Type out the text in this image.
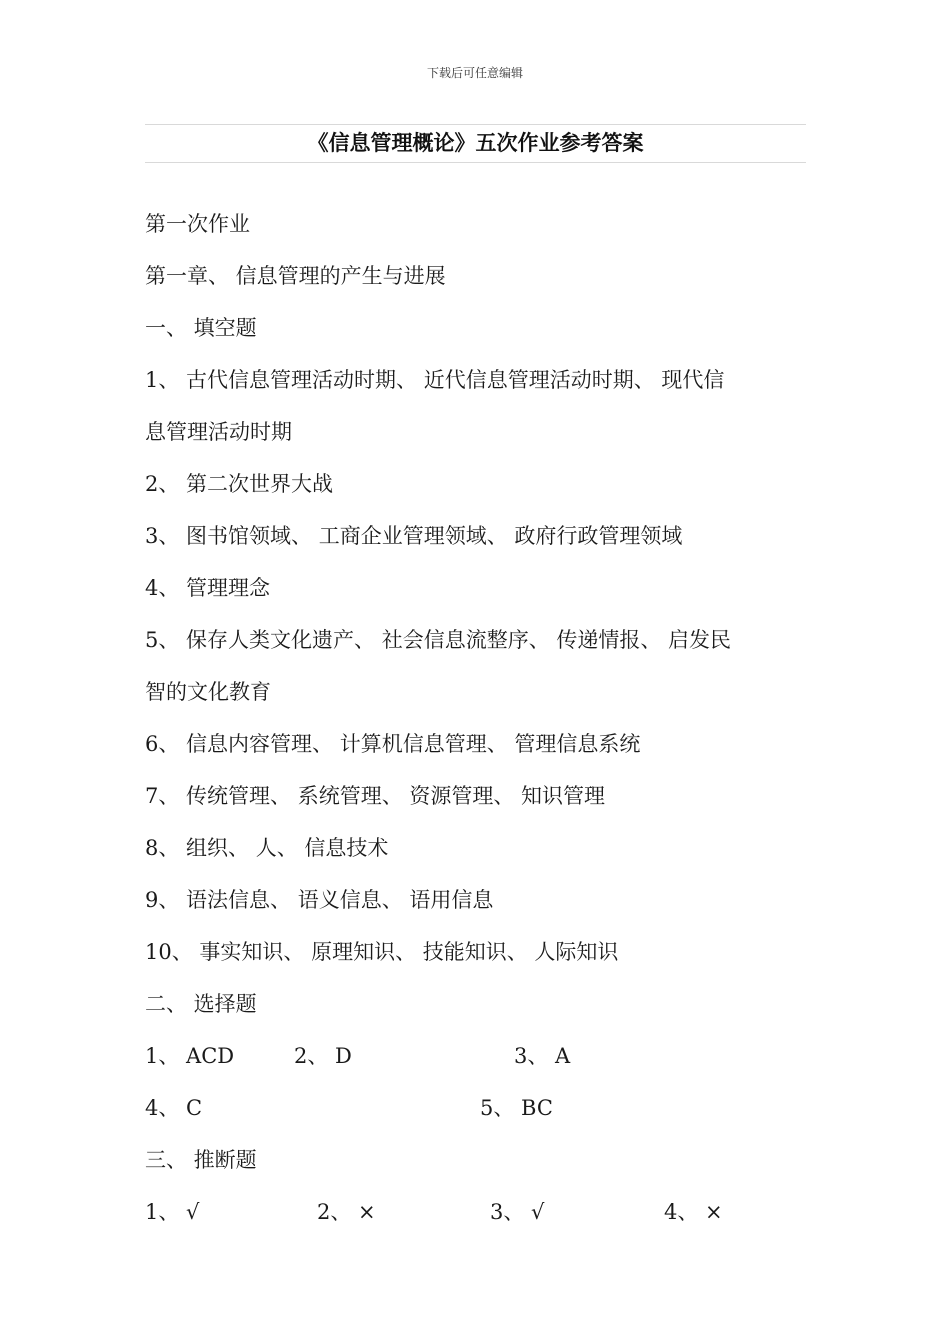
下载后可任意编辑
《信息管理概论》五次作业参考答案
第一次作业
第一章、 信息管理的产生与进展
一、 填空题
1、 古代信息管理活动时期、 近代信息管理活动时期、 现代信
息管理活动时期
2、 第二次世界大战
3、 图书馆领域、 工商企业管理领域、 政府行政管理领域
4、 管理理念
5、 保存人类文化遗产、 社会信息流整序、 传递情报、 启发民
智的文化教育
6、 信息内容管理、 计算机信息管理、 管理信息系统
7、 传统管理、 系统管理、 资源管理、 知识管理
8、 组织、 人、 信息技术
9、 语法信息、 语义信息、 语用信息
10、 事实知识、 原理知识、 技能知识、 人际知识
二、 选择题
1、 ACD	2、 D	3、 A
4、 C	5、 BC
三、 推断题
1、 √	2、 ×	3、 √	4、 ×
